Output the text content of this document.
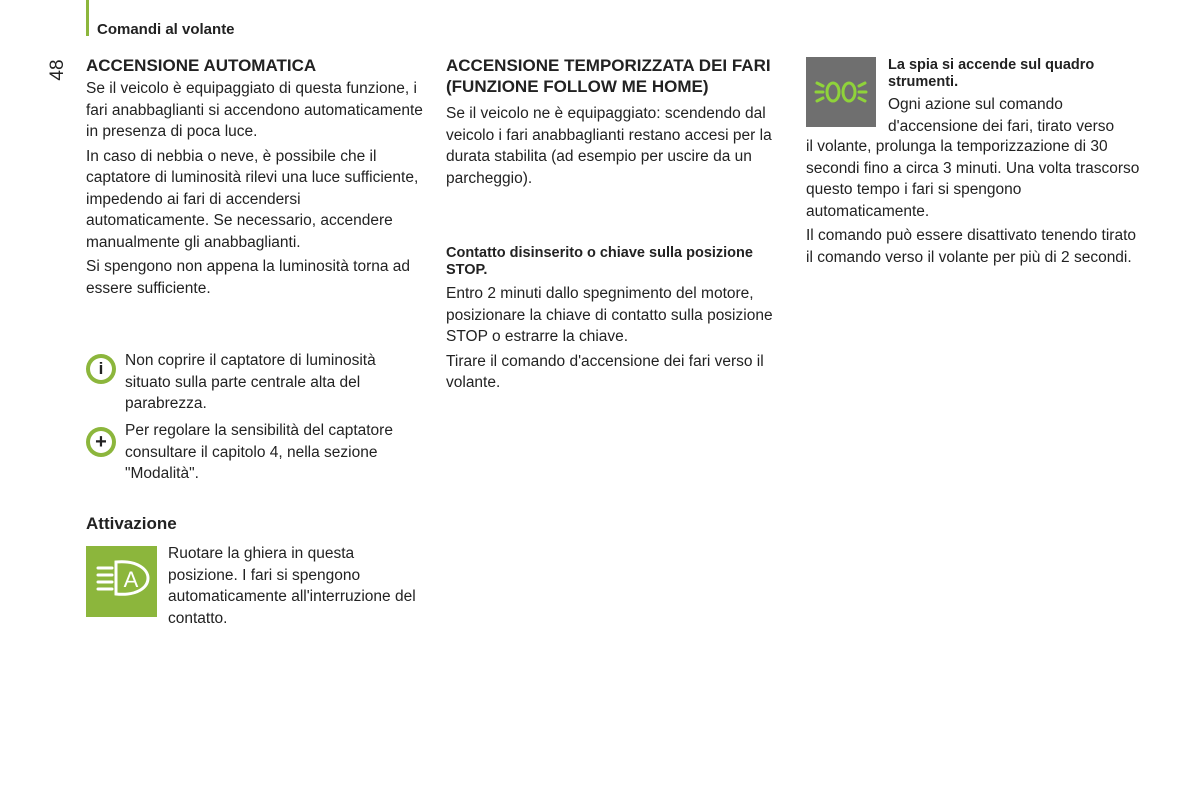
Comandi al volante
48 ACCENSIONE AUTOMATICA

Se il veicolo è equipaggiato di questa funzione, i fari anabbaglianti si accendono automaticamente in presenza di poca luce.

In caso di nebbia o neve, è possibile che il captatore di luminosità rilevi una luce sufficiente, impedendo ai fari di accendersi automaticamente. Se necessario, accendere manualmente gli anabbaglianti.

Si spengono non appena la luminosità torna ad essere sufficiente.

i	Non coprire il captatore di luminosità situato sulla parte centrale alta del parabrezza.
+
Per regolare la sensibilità del captatore consultare il capitolo 4, nella sezione "Modalità".
Attivazione
A
Ruotare la ghiera in questa posizione. I fari si spengono automaticamente all'interruzione del contatto.
ACCENSIONE TEMPORIZZATA DEI FARI (FUNZIONE FOLLOW ME HOME)
Se il veicolo ne è equipaggiato: scendendo dal veicolo i fari anabbaglianti restano accesi per la durata stabilita (ad esempio per uscire da un parcheggio).
Contatto disinserito o chiave sulla posizione STOP.

Entro 2 minuti dallo spegnimento del motore, posizionare la chiave di contatto sulla posizione STOP o estrarre la chiave.

Tirare il comando d'accensione dei fari verso il volante.

La spia si accende sul quadro strumenti.
Ogni azione sul comando d'accensione dei fari, tirato verso

il volante, prolunga la temporizzazione di 30 secondi fino a circa 3 minuti. Una volta trascorso questo tempo i fari si spengono automaticamente.

Il comando può essere disattivato tenendo tirato il comando verso il volante per più di 2 secondi.
